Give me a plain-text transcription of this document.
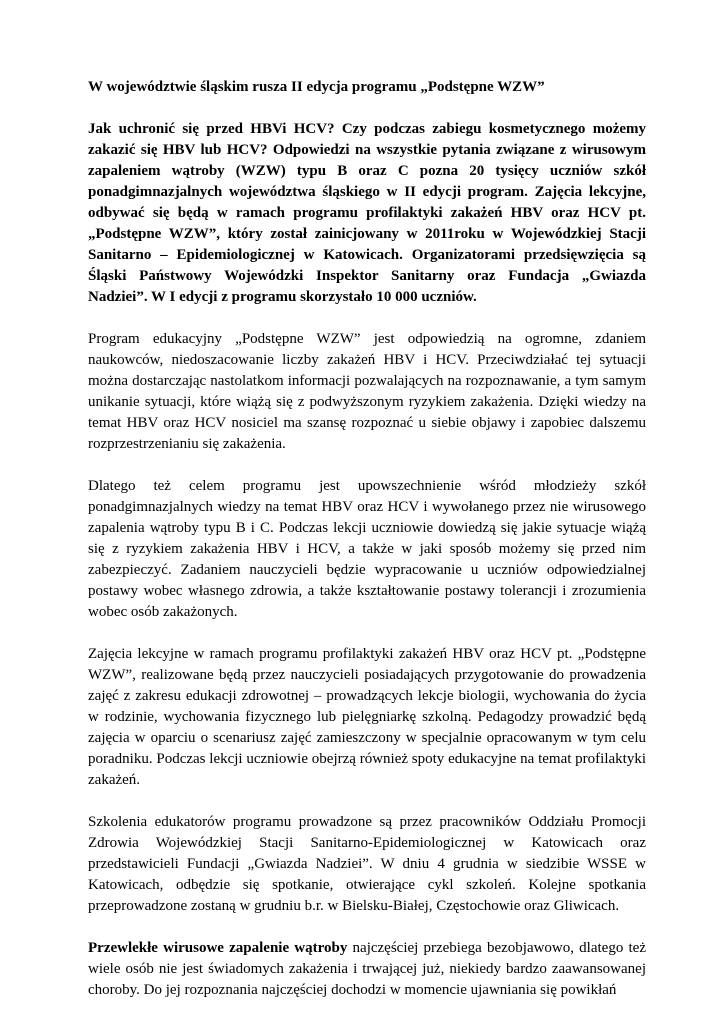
W województwie śląskim rusza II edycja programu „Podstępne WZW”

Jak uchronić się przed HBVi HCV? Czy podczas zabiegu kosmetycznego możemy zakazić się HBV lub HCV? Odpowiedzi na wszystkie pytania związane z wirusowym zapaleniem wątroby (WZW) typu B oraz C pozna 20 tysięcy uczniów szkół ponadgimnazjalnych województwa śląskiego w II edycji program. Zajęcia lekcyjne, odbywać się będą w ramach programu profilaktyki zakażeń HBV oraz HCV pt. „Podstępne WZW”, który został zainicjowany w 2011roku w Wojewódzkiej Stacji Sanitarno – Epidemiologicznej w Katowicach. Organizatorami przedsięwzięcia są Śląski Państwowy Wojewódzki Inspektor Sanitarny oraz Fundacja „Gwiazda Nadziei”. W I edycji z programu skorzystało 10 000 uczniów.

Program edukacyjny „Podstępne WZW” jest odpowiedzią na ogromne, zdaniem naukowców, niedoszacowanie liczby zakażeń HBV i HCV. Przeciwdziałać tej sytuacji można dostarczając nastolatkom informacji pozwalających na rozpoznawanie, a tym samym unikanie sytuacji, które wiążą się z podwyższonym ryzykiem zakażenia. Dzięki wiedzy na temat HBV oraz HCV nosiciel ma szansę rozpoznać u siebie objawy i zapobiec dalszemu rozprzestrzenianiu się zakażenia.

Dlatego też celem programu jest upowszechnienie wśród młodzieży szkół ponadgimnazjalnych wiedzy na temat HBV oraz HCV i wywołanego przez nie wirusowego zapalenia wątroby typu B i C. Podczas lekcji uczniowie dowiedzą się jakie sytuacje wiążą się z ryzykiem zakażenia HBV i HCV, a także w jaki sposób możemy się przed nim zabezpieczyć. Zadaniem nauczycieli będzie wypracowanie u uczniów odpowiedzialnej postawy wobec własnego zdrowia, a także kształtowanie postawy tolerancji i zrozumienia wobec osób zakażonych.

Zajęcia lekcyjne w ramach programu profilaktyki zakażeń HBV oraz HCV pt. „Podstępne WZW”, realizowane będą przez nauczycieli posiadających przygotowanie do prowadzenia zajęć z zakresu edukacji zdrowotnej – prowadzących lekcje biologii, wychowania do życia w rodzinie, wychowania fizycznego lub pielęgniarkę szkolną. Pedagodzy prowadzić będą zajęcia w oparciu o scenariusz zajęć zamieszczony w specjalnie opracowanym w tym celu poradniku. Podczas lekcji uczniowie obejrzą również spoty edukacyjne na temat profilaktyki zakażeń.

Szkolenia edukatorów programu prowadzone są przez pracowników Oddziału Promocji Zdrowia Wojewódzkiej Stacji Sanitarno-Epidemiologicznej w Katowicach oraz przedstawicieli Fundacji „Gwiazda Nadziei”. W dniu 4 grudnia w siedzibie WSSE w Katowicach, odbędzie się spotkanie, otwierające cykl szkoleń. Kolejne spotkania przeprowadzone zostaną w grudniu b.r. w Bielsku-Białej, Częstochowie oraz Gliwicach.

Przewlekłe wirusowe zapalenie wątroby najczęściej przebiega bezobjawowo, dlatego też wiele osób nie jest świadomych zakażenia i trwającej już, niekiedy bardzo zaawansowanej choroby. Do jej rozpoznania najczęściej dochodzi w momencie ujawniania się powikłań
